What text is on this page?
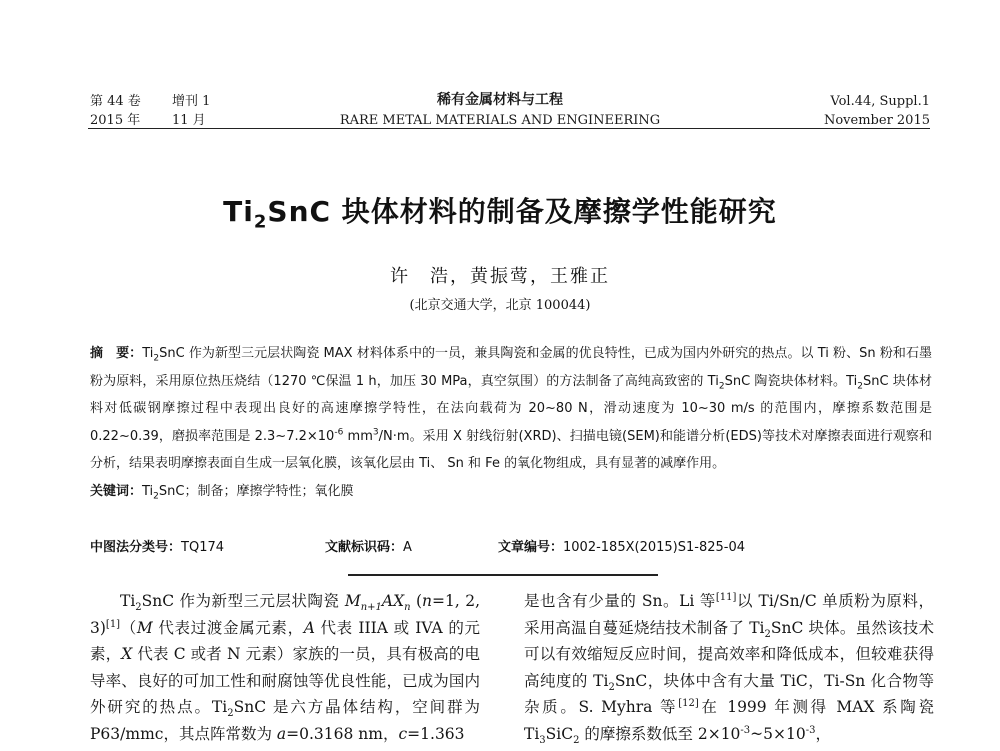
第 44 卷 增刊 1	稀有金属材料与工程	Vol.44, Suppl.1
2015 年 11 月	RARE METAL MATERIALS AND ENGINEERING	November 2015
$Ti_2SnC$ 块体材料的制备及摩擦学性能研究
许　浩，黄振莺，王雅正
(北京交通大学，北京 100044)
摘　要：$Ti_2SnC$ 作为新型三元层状陶瓷 MAX 材料体系中的一员，兼具陶瓷和金属的优良特性，已成为国内外研究的热点。以 Ti 粉、Sn 粉和石墨粉为原料，采用原位热压烧结（1270 ℃保温 1 h，加压 30 MPa，真空氛围）的方法制备了高纯高致密的 $Ti_2SnC$ 陶瓷块体材料。$Ti_2SnC$ 块体材料对低碳钢摩擦过程中表现出良好的高速摩擦学特性，在法向载荷为 20~80 N，滑动速度为 10~30 m/s 的范围内，摩擦系数范围是 0.22~0.39，磨损率范围是 $2.3\sim 7.2\times 10^{-6}$ $mm^3/N\cdot m$。采用 X 射线衍射(XRD)、扫描电镜(SEM)和能谱分析(EDS)等技术对摩擦表面进行观察和分析，结果表明摩擦表面自生成一层氧化膜，该氧化层由 Ti、 Sn 和 Fe 的氧化物组成，具有显著的减摩作用。
关键词：$Ti_2SnC$；制备；摩擦学特性；氧化膜
中图法分类号：TQ174	文献标识码：A	文章编号：1002-185X(2015)S1-825-04
$Ti_2SnC$ 作为新型三元层状陶瓷 $M_{n+1}AX_n$ (n=1, 2, 3)[1]（M 代表过渡金属元素，A 代表 IIIA 或 IVA 的元素，X 代表 C 或者 N 元素）家族的一员，具有极高的电导率、良好的可加工性和耐腐蚀等优良性能，已成为国内外研究的热点。$Ti_2SnC$ 是六方晶体结构，空间群为 P63/mmc，其点阵常数为 a=0.3168 nm，c=1.363
是也含有少量的 Sn。Li 等[11]以 Ti/Sn/C 单质粉为原料，采用高温自蔓延烧结技术制备了 $Ti_2SnC$ 块体。虽然该技术可以有效缩短反应时间，提高效率和降低成本，但较难获得高纯度的 $Ti_2SnC$，块体中含有大量 TiC，Ti-Sn 化合物等杂质。S. Myhra 等[12]在 1999 年测得 MAX 系陶瓷 $Ti_3SiC_2$ 的摩擦系数低至 $2\times 10^{-3}\sim 5\times 10^{-3}$，
